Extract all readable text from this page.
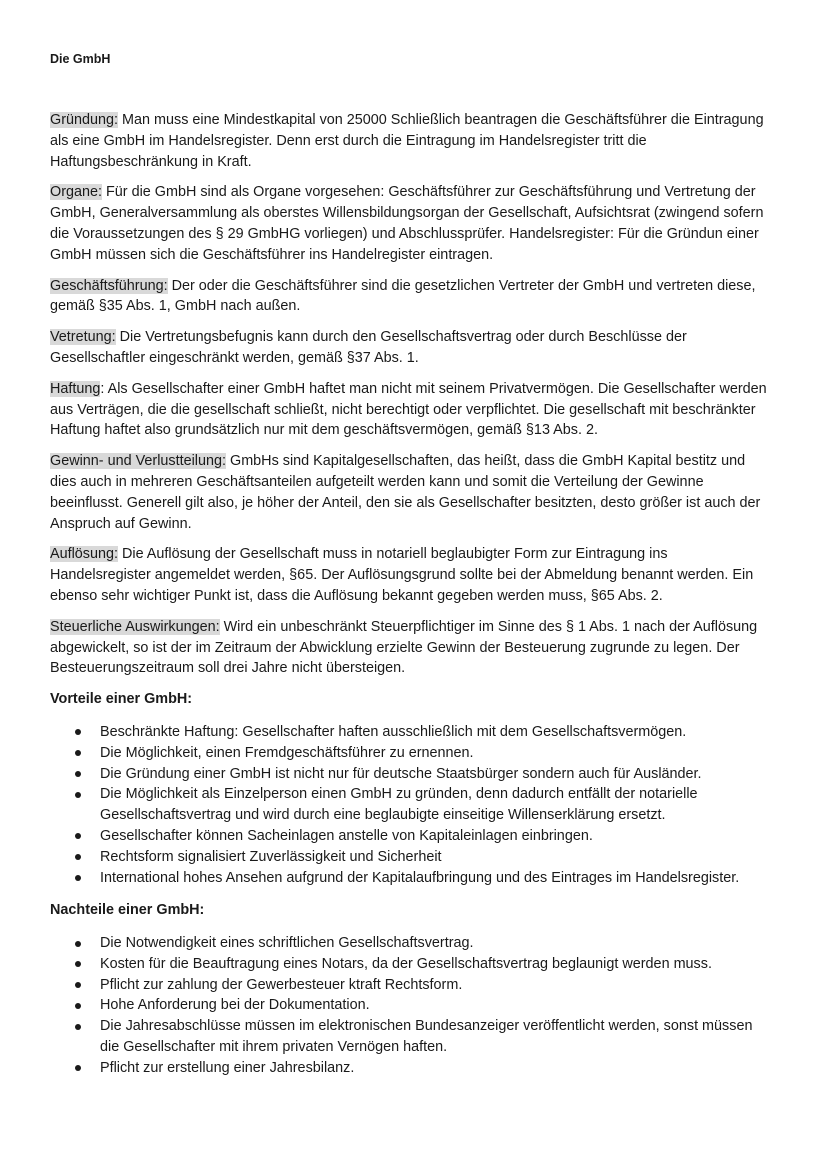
Die GmbH

Gründung: Man muss eine Mindestkapital von 25000 Schließlich beantragen die Geschäftsführer die Eintragung als eine GmbH im Handelsregister. Denn erst durch die Eintragung im Handelsregister tritt die Haftungsbeschränkung in Kraft.

Organe: Für die GmbH sind als Organe vorgesehen: Geschäftsführer zur Geschäftsführung und Vertretung der GmbH, Generalversammlung als oberstes Willensbildungsorgan der Gesellschaft, Aufsichtsrat (zwingend sofern die Voraussetzungen des § 29 GmbHG vorliegen) und Abschlussprüfer. Handelsregister: Für die Gründun einer GmbH müssen sich die Geschäftsführer ins Handelregister eintragen.

Geschäftsführung: Der oder die Geschäftsführer sind die gesetzlichen Vertreter der GmbH und vertreten diese, gemäß §35 Abs. 1, GmbH nach außen.

Vetretung: Die Vertretungsbefugnis kann durch den Gesellschaftsvertrag oder durch Beschlüsse der Gesellschaftler eingeschränkt werden, gemäß §37 Abs. 1.

Haftung: Als Gesellschafter einer GmbH haftet man nicht mit seinem Privatvermögen. Die Gesellschafter werden aus Verträgen, die die gesellschaft schließt, nicht berechtigt oder verpflichtet. Die gesellschaft mit beschränkter Haftung haftet also grundsätzlich nur mit dem geschäftsvermögen, gemäß §13 Abs. 2.

Gewinn- und Verlustteilung: GmbHs sind Kapitalgesellschaften, das heißt, dass die GmbH Kapital bestitz und dies auch in mehreren Geschäftsanteilen aufgeteilt werden kann und somit die Verteilung der Gewinne beeinflusst. Generell gilt also, je höher der Anteil, den sie als Gesellschafter besitzten, desto größer ist auch der Anspruch auf Gewinn.

Auflösung: Die Auflösung der Gesellschaft muss in notariell beglaubigter Form zur Eintragung ins Handelsregister angemeldet werden, §65. Der Auflösungsgrund sollte bei der Abmeldung benannt werden. Ein ebenso sehr wichtiger Punkt ist, dass die Auflösung bekannt gegeben werden muss, §65 Abs. 2.

Steuerliche Auswirkungen: Wird ein unbeschränkt Steuerpflichtiger im Sinne des § 1 Abs. 1 nach der Auflösung abgewickelt, so ist der im Zeitraum der Abwicklung erzielte Gewinn der Besteuerung zugrunde zu legen. Der Besteuerungszeitraum soll drei Jahre nicht übersteigen.

Vorteile einer GmbH:
Beschränkte Haftung: Gesellschafter haften ausschließlich mit dem Gesellschaftsvermögen.
Die Möglichkeit, einen Fremdgeschäftsführer zu ernennen.
Die Gründung einer GmbH ist nicht nur für deutsche Staatsbürger sondern auch für Ausländer.
Die Möglichkeit als Einzelperson einen GmbH zu gründen, denn dadurch entfällt der notarielle Gesellschaftsvertrag und wird durch eine beglaubigte einseitige Willenserklärung ersetzt.
Gesellschafter können Sacheinlagen anstelle von Kapitaleinlagen einbringen.
Rechtsform signalisiert Zuverlässigkeit und Sicherheit
International hohes Ansehen aufgrund der Kapitalaufbringung und des Eintrages im Handelsregister.
Nachteile einer GmbH:
Die Notwendigkeit eines schriftlichen Gesellschaftsvertrag.
Kosten für die Beauftragung eines Notars, da der Gesellschaftsvertrag beglaunigt werden muss.
Pflicht zur zahlung der Gewerbesteuer ktraft Rechtsform.
Hohe Anforderung bei der Dokumentation.
Die Jahresabschlüsse müssen im elektronischen Bundesanzeiger veröffentlicht werden, sonst müssen die Gesellschafter mit ihrem privaten Vernögen haften.
Pflicht zur erstellung einer Jahresbilanz.
